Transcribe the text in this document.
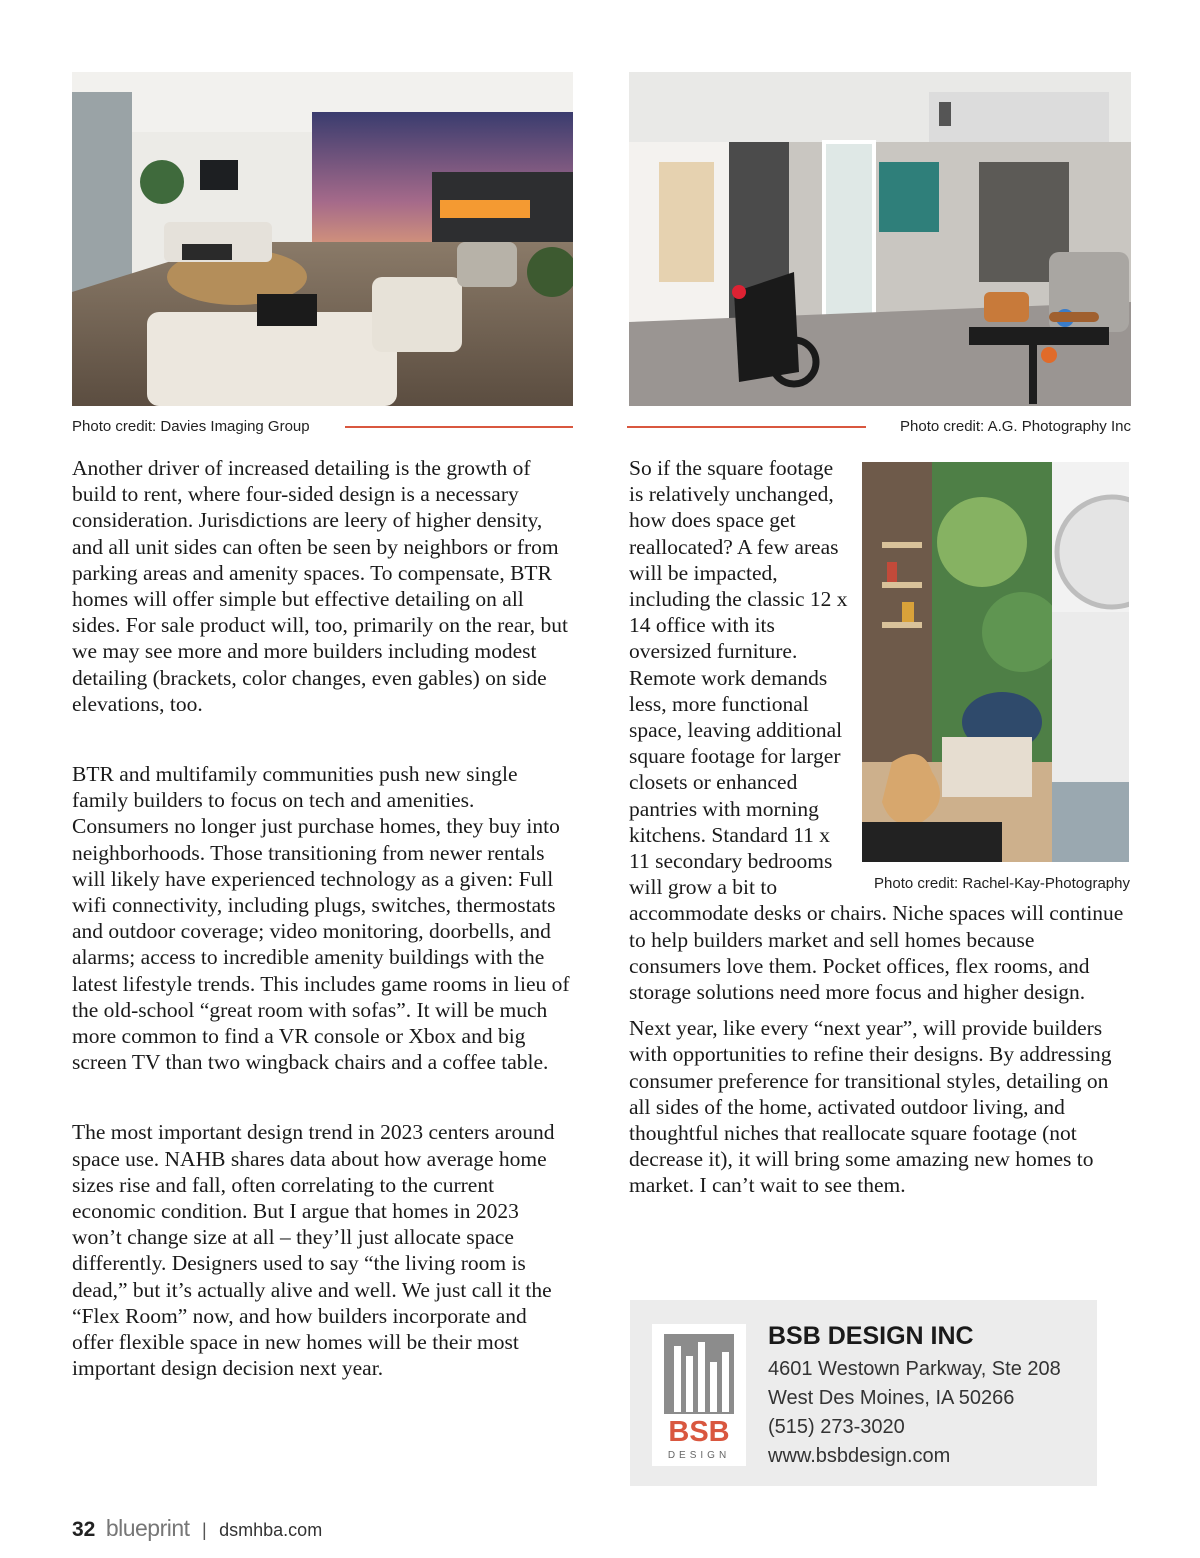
Photo credit: Davies Imaging Group	Photo credit: A.G. Photography Inc

Another driver of increased detailing is the growth of build to rent, where four-sided design is a necessary consideration. Jurisdictions are leery of higher density, and all unit sides can often be seen by neighbors or from parking areas and amenity spaces. To compensate, BTR homes will offer simple but effective detailing on all sides. For sale product will, too, primarily on the rear, but we may see more and more builders including modest detailing (brackets, color changes, even gables) on side elevations, too.

BTR and multifamily communities push new single family builders to focus on tech and amenities. Consumers no longer just purchase homes, they buy into neighborhoods. Those transitioning from newer rentals will likely have experienced technology as a given: Full wifi connectivity, including plugs, switches, thermostats and outdoor coverage; video monitoring, doorbells, and alarms; access to incredible amenity buildings with the latest lifestyle trends. This includes game rooms in lieu of the old-school “great room with sofas”. It will be much more common to find a VR console or Xbox and big screen TV than two wingback chairs and a coffee table.

The most important design trend in 2023 centers around space use. NAHB shares data about how average home sizes rise and fall, often correlating to the current economic condition. But I argue that homes in 2023 won’t change size at all – they’ll just allocate space differently. Designers used to say “the living room is dead,” but it’s actually alive and well. We just call it the “Flex Room” now, and how builders incorporate and offer flexible space in new homes will be their most important design decision next year.

So if the square footage is relatively unchanged, how does space get reallocated? A few areas will be impacted, including the classic 12 x 14 office with its oversized furniture. Remote work demands less, more functional space, leaving additional square footage for larger closets or enhanced pantries with morning kitchens. Standard 11 x 11 secondary bedrooms will grow a bit to accommodate desks or chairs. Niche spaces will continue to help builders market and sell homes because consumers love them. Pocket offices, flex rooms, and storage solutions need more focus and higher design.

Next year, like every “next year”, will provide builders with opportunities to refine their designs. By addressing consumer preference for transitional styles, detailing on all sides of the home, activated outdoor living, and thoughtful niches that reallocate square footage (not decrease it), it will bring some amazing new homes to market. I can’t wait to see them.

Photo credit: Rachel-Kay-Photography
BSB
DESIGN
BSB DESIGN INC
4601 Westown Parkway, Ste 208
West Des Moines, IA 50266
(515) 273-3020
www.bsbdesign.com
32 blueprint | dsmhba.com
